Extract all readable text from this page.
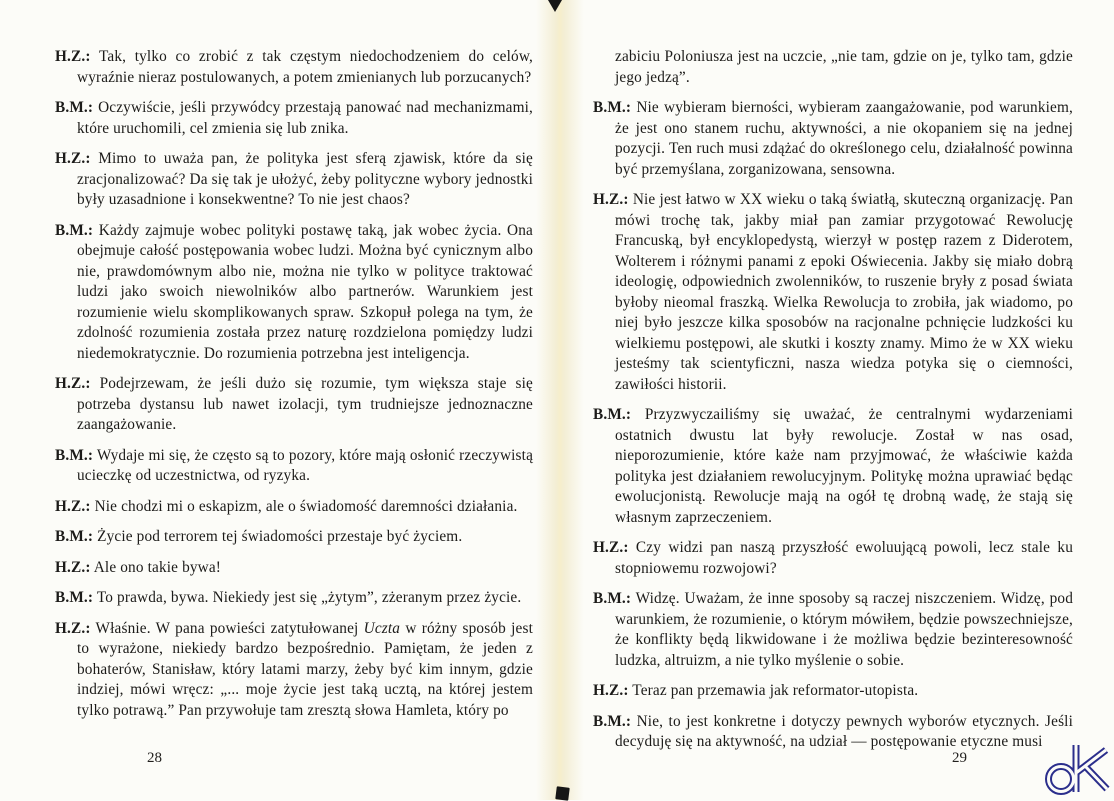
H.Z.: Tak, tylko co zrobić z tak częstym niedochodzeniem do celów, wyraźnie nieraz postulowanych, a potem zmienianych lub porzucanych?

B.M.: Oczywiście, jeśli przywódcy przestają panować nad mechanizmami, które uruchomili, cel zmienia się lub znika.

H.Z.: Mimo to uważa pan, że polityka jest sferą zjawisk, które da się zracjonalizować? Da się tak je ułożyć, żeby polityczne wybory jednostki były uzasadnione i konsekwentne? To nie jest chaos?

B.M.: Każdy zajmuje wobec polityki postawę taką, jak wobec życia. Ona obejmuje całość postępowania wobec ludzi. Można być cynicznym albo nie, prawdomównym albo nie, można nie tylko w polityce traktować ludzi jako swoich niewolników albo partnerów. Warunkiem jest rozumienie wielu skomplikowanych spraw. Szkopuł polega na tym, że zdolność rozumienia została przez naturę rozdzielona pomiędzy ludzi niedemokratycznie. Do rozumienia potrzebna jest inteligencja.

H.Z.: Podejrzewam, że jeśli dużo się rozumie, tym większa staje się potrzeba dystansu lub nawet izolacji, tym trudniejsze jednoznaczne zaangażowanie.

B.M.: Wydaje mi się, że często są to pozory, które mają osłonić rzeczywistą ucieczkę od uczestnictwa, od ryzyka.

H.Z.: Nie chodzi mi o eskapizm, ale o świadomość daremności działania.

B.M.: Życie pod terrorem tej świadomości przestaje być życiem.

H.Z.: Ale ono takie bywa!

B.M.: To prawda, bywa. Niekiedy jest się „żytym”, zżeranym przez życie.

H.Z.: Właśnie. W pana powieści zatytułowanej Uczta w różny sposób jest to wyrażone, niekiedy bardzo bezpośrednio. Pamiętam, że jeden z bohaterów, Stanisław, który latami marzy, żeby być kim innym, gdzie indziej, mówi wręcz: „... moje życie jest taką ucztą, na której jestem tylko potrawą.” Pan przywołuje tam zresztą słowa Hamleta, który po

zabiciu Poloniusza jest na uczcie, „nie tam, gdzie on je, tylko tam, gdzie jego jedzą”.

B.M.: Nie wybieram bierności, wybieram zaangażowanie, pod warunkiem, że jest ono stanem ruchu, aktywności, a nie okopaniem się na jednej pozycji. Ten ruch musi zdążać do określonego celu, działalność powinna być przemyślana, zorganizowana, sensowna.

H.Z.: Nie jest łatwo w XX wieku o taką światłą, skuteczną organizację. Pan mówi trochę tak, jakby miał pan zamiar przygotować Rewolucję Francuską, był encyklopedystą, wierzył w postęp razem z Diderotem, Wolterem i różnymi panami z epoki Oświecenia. Jakby się miało dobrą ideologię, odpowiednich zwolenników, to ruszenie bryły z posad świata byłoby nieomal fraszką. Wielka Rewolucja to zrobiła, jak wiadomo, po niej było jeszcze kilka sposobów na racjonalne pchnięcie ludzkości ku wielkiemu postępowi, ale skutki i koszty znamy. Mimo że w XX wieku jesteśmy tak scientyficzni, nasza wiedza potyka się o ciemności, zawiłości historii.

B.M.: Przyzwyczailiśmy się uważać, że centralnymi wydarzeniami ostatnich dwustu lat były rewolucje. Został w nas osad, nieporozumienie, które każe nam przyjmować, że właściwie każda polityka jest działaniem rewolucyjnym. Politykę można uprawiać będąc ewolucjonistą. Rewolucje mają na ogół tę drobną wadę, że stają się własnym zaprzeczeniem.

H.Z.: Czy widzi pan naszą przyszłość ewoluującą powoli, lecz stale ku stopniowemu rozwojowi?

B.M.: Widzę. Uważam, że inne sposoby są raczej niszczeniem. Widzę, pod warunkiem, że rozumienie, o którym mówiłem, będzie powszechniejsze, że konflikty będą likwidowane i że możliwa będzie bezinteresowność ludzka, altruizm, a nie tylko myślenie o sobie.

H.Z.: Teraz pan przemawia jak reformator-utopista.

B.M.: Nie, to jest konkretne i dotyczy pewnych wyborów etycznych. Jeśli decyduję się na aktywność, na udział — postępowanie etyczne musi

28	29
